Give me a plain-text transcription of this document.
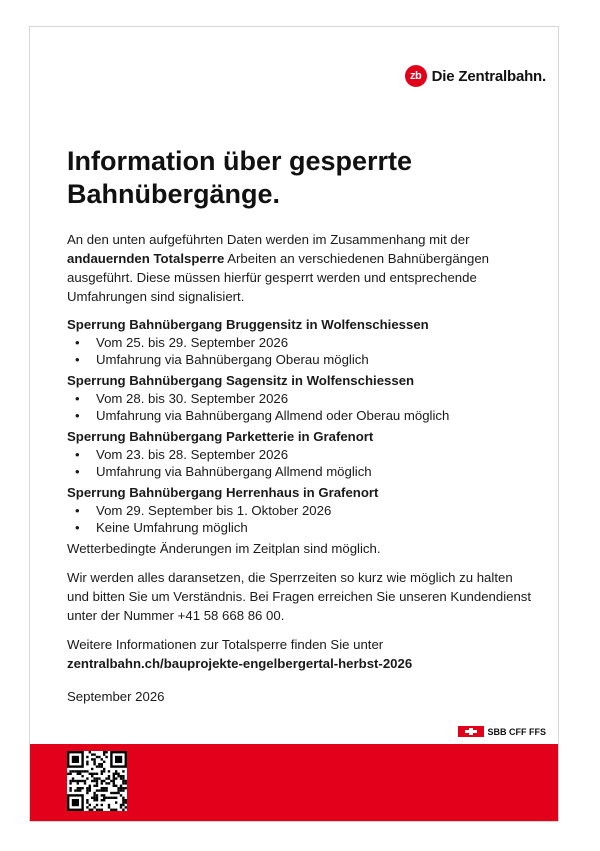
zb Die Zentralbahn.
Information über gesperrte
Bahnübergänge.

An den unten aufgeführten Daten werden im Zusammenhang mit der andauernden Totalsperre Arbeiten an verschiedenen Bahnübergängen ausgeführt. Diese müssen hierfür gesperrt werden und entsprechende Umfahrungen sind signalisiert.

Sperrung Bahnübergang Bruggensitz in Wolfenschiessen
• Vom 25. bis 29. September 2026
• Umfahrung via Bahnübergang Oberau möglich
Sperrung Bahnübergang Sagensitz in Wolfenschiessen
• Vom 28. bis 30. September 2026
• Umfahrung via Bahnübergang Allmend oder Oberau möglich
Sperrung Bahnübergang Parketterie in Grafenort
• Vom 23. bis 28. September 2026
• Umfahrung via Bahnübergang Allmend möglich
Sperrung Bahnübergang Herrenhaus in Grafenort
• Vom 29. September bis 1. Oktober 2026
• Keine Umfahrung möglich

Wetterbedingte Änderungen im Zeitplan sind möglich.

Wir werden alles daransetzen, die Sperrzeiten so kurz wie möglich zu halten und bitten Sie um Verständnis. Bei Fragen erreichen Sie unseren Kundendienst unter der Nummer +41 58 668 86 00.

Weitere Informationen zur Totalsperre finden Sie unter

zentralbahn.ch/bauprojekte-engelbergertal-herbst-2026

September 2026

SBB CFF FFS
